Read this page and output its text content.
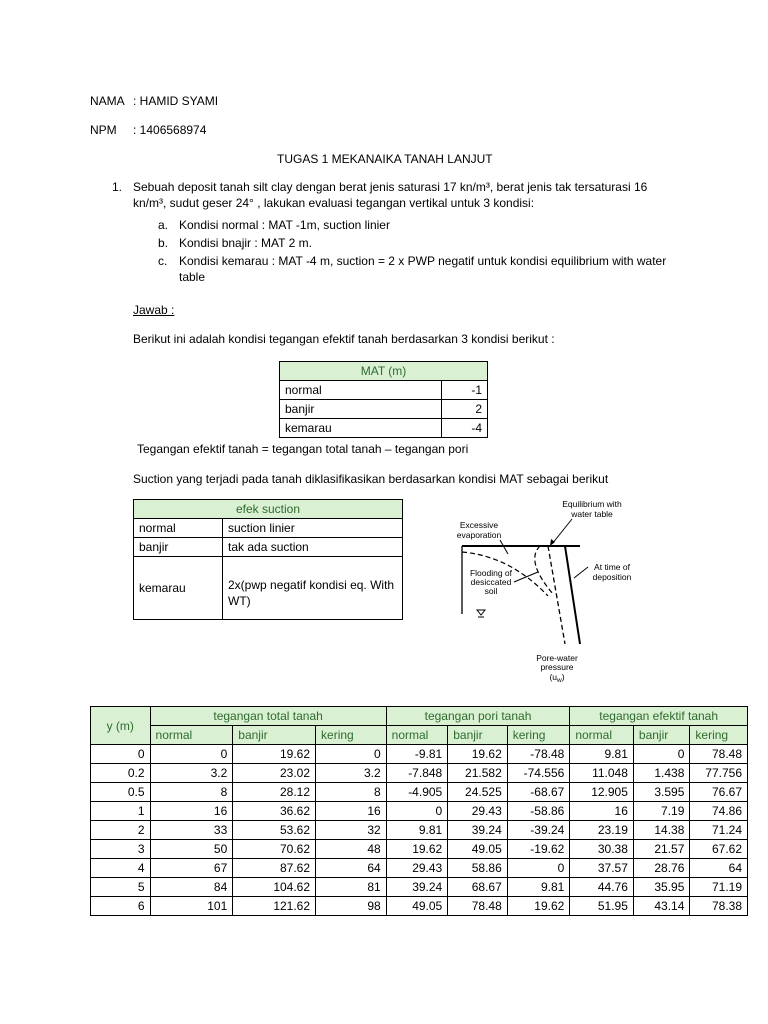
NAMA : HAMID SYAMI
NPM : 1406568974
TUGAS 1 MEKANAIKA TANAH LANJUT
1. Sebuah deposit tanah silt clay dengan berat jenis saturasi 17 kn/m³, berat jenis tak tersaturasi 16
kn/m³, sudut geser 24° , lakukan evaluasi tegangan vertikal untuk 3 kondisi:
a. Kondisi normal : MAT -1m, suction linier
b. Kondisi bnajir : MAT 2 m.
c. Kondisi kemarau : MAT -4 m, suction = 2 x PWP negatif untuk kondisi equilibrium with water table
Jawab :
Berikut ini adalah kondisi tegangan efektif tanah berdasarkan 3 kondisi berikut :
MAT (m)	
normal	-1
banjir	2
kemarau	-4
Tegangan efektif tanah = tegangan total tanah – tegangan pori
Suction yang terjadi pada tanah diklasifikasikan berdasarkan kondisi MAT sebagai berikut
efek suction	
normal	suction linier
banjir	tak ada suction
kemarau	2x(pwp negatif kondisi eq. With WT)
Equilibrium with
water table
Excessive
evaporation
Flooding of
desiccated
soil
At time of
deposition
Pore-water
pressure
$(u_w)$
y (m)	tegangan total tanah			tegangan pori tanah			tegangan efektif tanah		
	normal	banjir	kering	normal	banjir	kering	normal	banjir	kering
0	0	19.62	0	-9.81	19.62	-78.48	9.81	0	78.48
0.2	3.2	23.02	3.2	-7.848	21.582	-74.556	11.048	1.438	77.756
0.5	8	28.12	8	-4.905	24.525	-68.67	12.905	3.595	76.67
1	16	36.62	16	0	29.43	-58.86	16	7.19	74.86
2	33	53.62	32	9.81	39.24	-39.24	23.19	14.38	71.24
3	50	70.62	48	19.62	49.05	-19.62	30.38	21.57	67.62
4	67	87.62	64	29.43	58.86	0	37.57	28.76	64
5	84	104.62	81	39.24	68.67	9.81	44.76	35.95	71.19
6	101	121.62	98	49.05	78.48	19.62	51.95	43.14	78.38
